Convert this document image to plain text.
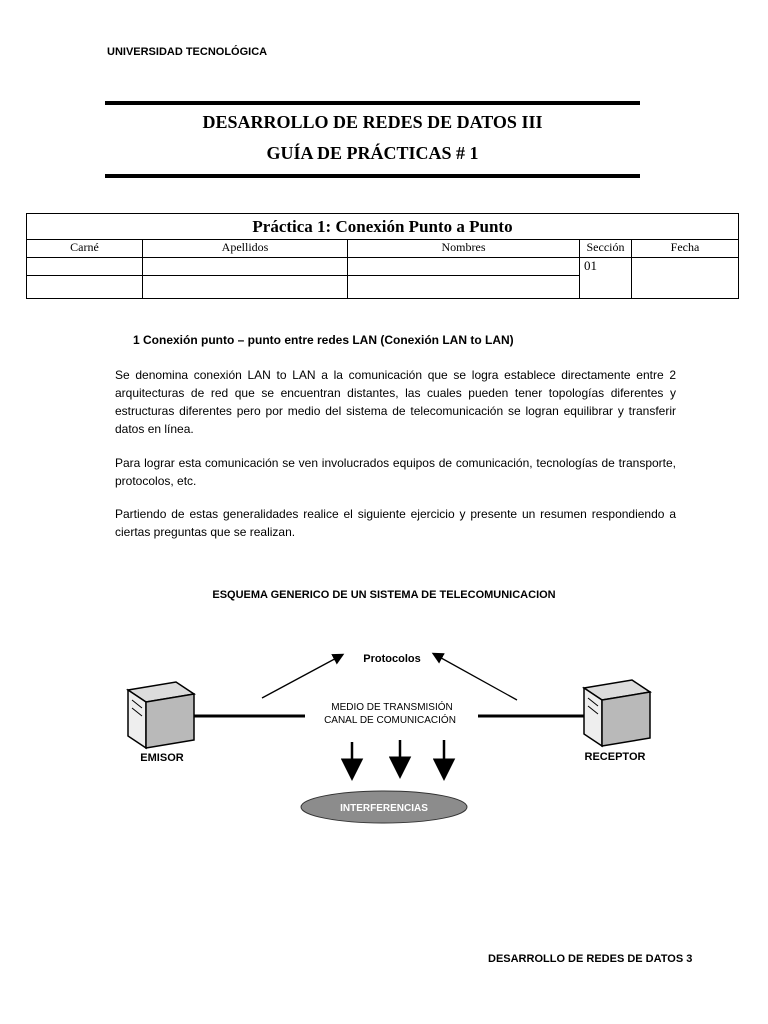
UNIVERSIDAD TECNOLÓGICA
DESARROLLO DE REDES DE DATOS III
GUÍA DE PRÁCTICAS # 1
Práctica 1: Conexión Punto a Punto				
Carné	Apellidos	Nombres	Sección	Fecha
			01	

1 Conexión punto – punto entre redes LAN (Conexión LAN to LAN)

Se denomina conexión LAN to LAN a la comunicación que se logra establece directamente entre 2 arquitecturas de red que se encuentran distantes, las cuales pueden tener topologías diferentes y estructuras diferentes pero por medio del sistema de telecomunicación se logran equilibrar y transferir datos en línea.

Para lograr esta comunicación se ven involucrados equipos de comunicación, tecnologías de transporte, protocolos, etc.

Partiendo de estas generalidades realice el siguiente ejercicio y presente un resumen respondiendo a ciertas preguntas que se realizan.

ESQUEMA GENERICO DE UN SISTEMA DE TELECOMUNICACION
Protocolos
MEDIO DE TRANSMISIÓN
CANAL DE COMUNICACIÓN
EMISOR	RECEPTOR
INTERFERENCIAS
DESARROLLO DE REDES DE DATOS 3
